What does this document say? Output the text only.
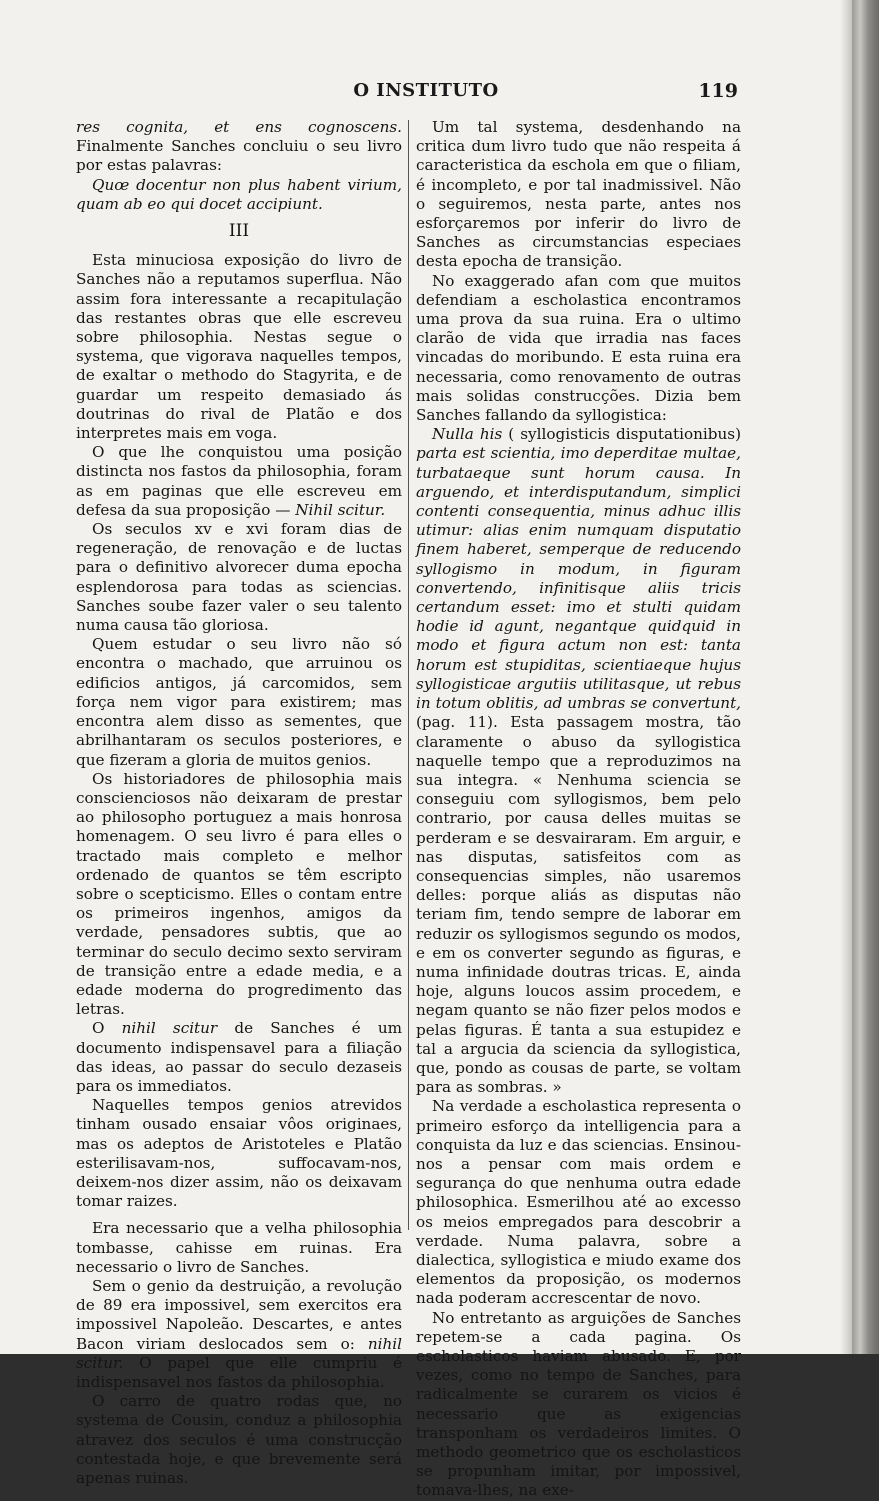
O INSTITUTO	119

res cognita, et ens cognoscens. Finalmente Sanches concluiu o seu livro por estas palavras:

Quœ docentur non plus habent virium, quam ab eo qui docet accipiunt.

III

Esta minuciosa exposição do livro de Sanches não a reputamos superflua. Não assim fora interessante a recapitulação das restantes obras que elle escreveu sobre philosophia. Nestas segue o systema, que vigorava naquelles tempos, de exaltar o methodo do Stagyrita, e de guardar um respeito demasiado ás doutrinas do rival de Platão e dos interpretes mais em voga.

O que lhe conquistou uma posição distincta nos fastos da philosophia, foram as em paginas que elle escreveu em defesa da sua proposição — Nihil scitur.

Os seculos xv e xvi foram dias de regeneração, de renovação e de luctas para o definitivo alvorecer duma epocha esplendorosa para todas as sciencias. Sanches soube fazer valer o seu talento numa causa tão gloriosa.

Quem estudar o seu livro não só encontra o machado, que arruinou os edificios antigos, já carcomidos, sem força nem vigor para existirem; mas encontra alem disso as sementes, que abrilhantaram os seculos posteriores, e que fizeram a gloria de muitos genios.

Os historiadores de philosophia mais conscienciosos não deixaram de prestar ao philosopho portuguez a mais honrosa homenagem. O seu livro é para elles o tractado mais completo e melhor ordenado de quantos se têm escripto sobre o scepticismo. Elles o contam entre os primeiros ingenhos, amigos da verdade, pensadores subtis, que ao terminar do seculo decimo sexto serviram de transição entre a edade media, e a edade moderna do progredimento das letras.

O nihil scitur de Sanches é um documento indispensavel para a filiação das ideas, ao passar do seculo dezaseis para os immediatos.

Naquelles tempos genios atrevidos tinham ousado ensaiar vôos originaes, mas os adeptos de Aristoteles e Platão esterilisavam-nos, suffocavam-nos, deixem-nos dizer assim, não os deixavam tomar raizes.

Era necessario que a velha philosophia tombasse, cahisse em ruinas. Era necessario o livro de Sanches.

Sem o genio da destruição, a revolução de 89 era impossivel, sem exercitos era impossivel Napoleão. Descartes, e antes Bacon viriam deslocados sem o: nihil scitur. O papel que elle cumpriu é indispensavel nos fastos da philosophia.

O carro de quatro rodas que, no systema de Cousin, conduz a philosophia atravez dos seculos é uma construcção contestada hoje, e que brevemente será apenas ruinas.

Um tal systema, desdenhando na critica dum livro tudo que não respeita á caracteristica da eschola em que o filiam, é incompleto, e por tal inadmissivel. Não o seguiremos, nesta parte, antes nos esforçaremos por inferir do livro de Sanches as circumstancias especiaes desta epocha de transição.

No exaggerado afan com que muitos defendiam a escholastica encontramos uma prova da sua ruina. Era o ultimo clarão de vida que irradia nas faces vincadas do moribundo. E esta ruina era necessaria, como renovamento de outras mais solidas construcções. Dizia bem Sanches fallando da syllogistica:

Nulla his ( syllogisticis disputationibus) parta est scientia, imo deperditae multae, turbataeque sunt horum causa. In arguendo, et interdisputandum, simplici contenti consequentia, minus adhuc illis utimur: alias enim numquam disputatio finem haberet, semperque de reducendo syllogismo in modum, in figuram convertendo, infinitisque aliis tricis certandum esset: imo et stulti quidam hodie id agunt, negantque quidquid in modo et figura actum non est: tanta horum est stupiditas, scientiaeque hujus syllogisticae argutiis utilitasque, ut rebus in totum oblitis, ad umbras se convertunt, (pag. 11). Esta passagem mostra, tão claramente o abuso da syllogistica naquelle tempo que a reproduzimos na sua integra. « Nenhuma sciencia se conseguiu com syllogismos, bem pelo contrario, por causa delles muitas se perderam e se desvairaram. Em arguir, e nas disputas, satisfeitos com as consequencias simples, não usaremos delles: porque aliás as disputas não teriam fim, tendo sempre de laborar em reduzir os syllogismos segundo os modos, e em os converter segundo as figuras, e numa infinidade doutras tricas. E, ainda hoje, alguns loucos assim procedem, e negam quanto se não fizer pelos modos e pelas figuras. É tanta a sua estupidez e tal a argucia da sciencia da syllogistica, que, pondo as cousas de parte, se voltam para as sombras. »

Na verdade a escholastica representa o primeiro esforço da intelligencia para a conquista da luz e das sciencias. Ensinou-nos a pensar com mais ordem e segurança do que nenhuma outra edade philosophica. Esmerilhou até ao excesso os meios empregados para descobrir a verdade. Numa palavra, sobre a dialectica, syllogistica e miudo exame dos elementos da proposição, os modernos nada poderam accrescentar de novo.

No entretanto as arguições de Sanches repetem-se a cada pagina. Os escholasticos haviam abusado. E, por vezes, como no tempo de Sanches, para radicalmente se curarem os vicios é necessario que as exigencias transponham os verdadeiros limites. O methodo geometrico que os escholasticos se propunham imitar, por impossivel, tomava-lhes, na exe-
